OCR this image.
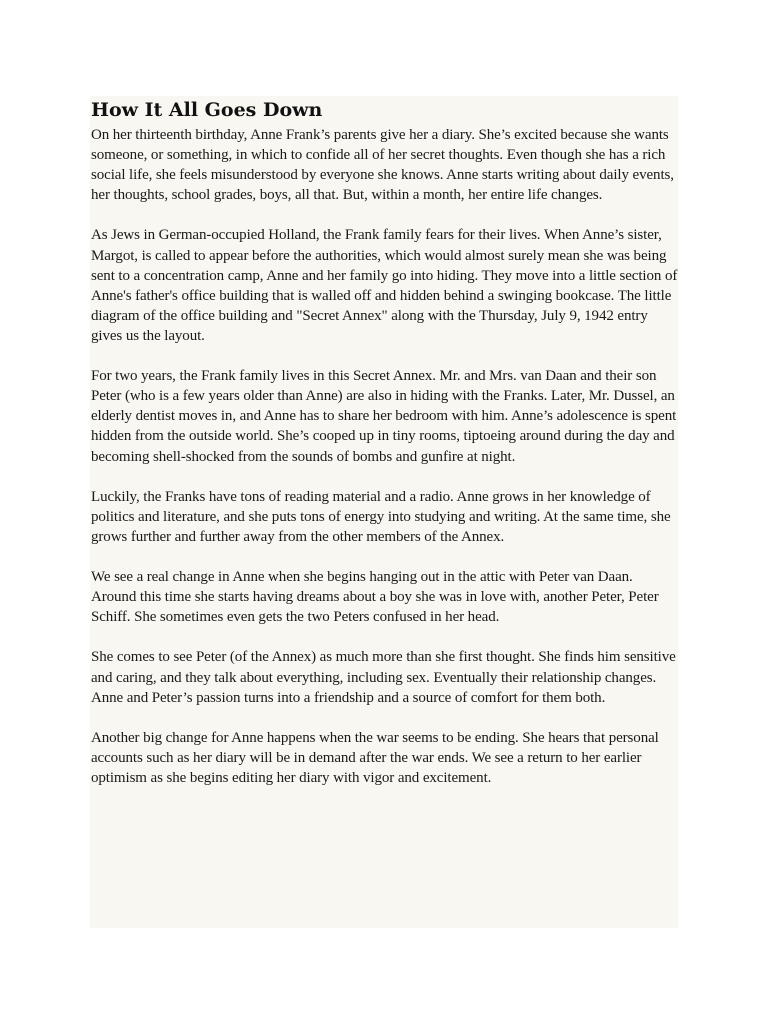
How It All Goes Down

On her thirteenth birthday, Anne Frank’s parents give her a diary. She’s excited because she wants someone, or something, in which to confide all of her secret thoughts. Even though she has a rich social life, she feels misunderstood by everyone she knows. Anne starts writing about daily events, her thoughts, school grades, boys, all that. But, within a month, her entire life changes.

As Jews in German-occupied Holland, the Frank family fears for their lives. When Anne’s sister, Margot, is called to appear before the authorities, which would almost surely mean she was being sent to a concentration camp, Anne and her family go into hiding. They move into a little section of Anne's father's office building that is walled off and hidden behind a swinging bookcase. The little diagram of the office building and "Secret Annex" along with the Thursday, July 9, 1942 entry gives us the layout.

For two years, the Frank family lives in this Secret Annex. Mr. and Mrs. van Daan and their son Peter (who is a few years older than Anne) are also in hiding with the Franks. Later, Mr. Dussel, an elderly dentist moves in, and Anne has to share her bedroom with him. Anne’s adolescence is spent hidden from the outside world. She’s cooped up in tiny rooms, tiptoeing around during the day and becoming shell-shocked from the sounds of bombs and gunfire at night.

Luckily, the Franks have tons of reading material and a radio. Anne grows in her knowledge of politics and literature, and she puts tons of energy into studying and writing. At the same time, she grows further and further away from the other members of the Annex.

We see a real change in Anne when she begins hanging out in the attic with Peter van Daan. Around this time she starts having dreams about a boy she was in love with, another Peter, Peter Schiff. She sometimes even gets the two Peters confused in her head.

She comes to see Peter (of the Annex) as much more than she first thought. She finds him sensitive and caring, and they talk about everything, including sex. Eventually their relationship changes. Anne and Peter’s passion turns into a friendship and a source of comfort for them both.

Another big change for Anne happens when the war seems to be ending. She hears that personal accounts such as her diary will be in demand after the war ends. We see a return to her earlier optimism as she begins editing her diary with vigor and excitement.
